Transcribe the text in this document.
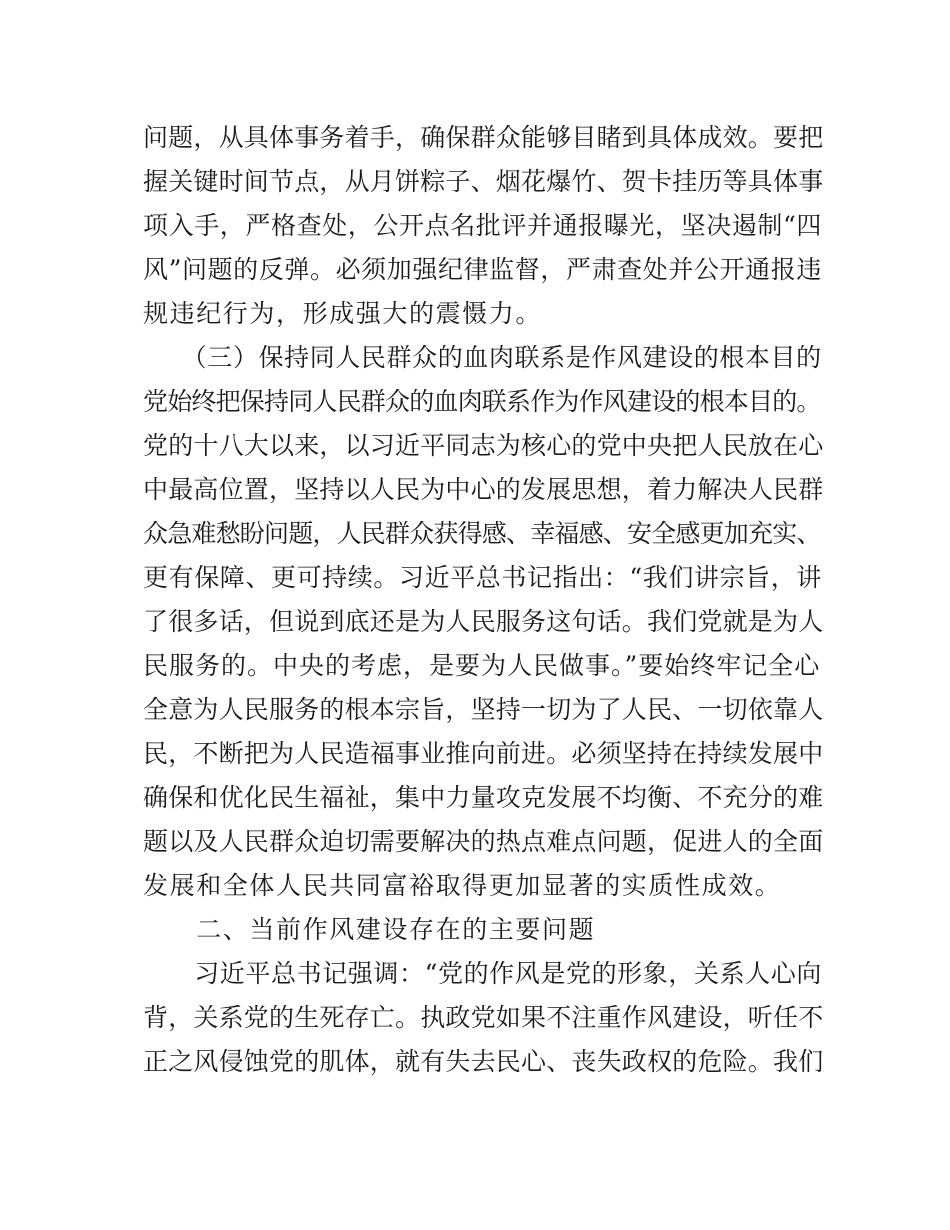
问题，从具体事务着手，确保群众能够目睹到具体成效。要把
握关键时间节点，从月饼粽子、烟花爆竹、贺卡挂历等具体事
项入手，严格查处，公开点名批评并通报曝光，坚决遏制“四
风”问题的反弹。必须加强纪律监督，严肃查处并公开通报违
规违纪行为，形成强大的震慑力。
　　（三）保持同人民群众的血肉联系是作风建设的根本目的
党始终把保持同人民群众的血肉联系作为作风建设的根本目的。
党的十八大以来，以习近平同志为核心的党中央把人民放在心
中最高位置，坚持以人民为中心的发展思想，着力解决人民群
众急难愁盼问题，人民群众获得感、幸福感、安全感更加充实、
更有保障、更可持续。习近平总书记指出：“我们讲宗旨，讲
了很多话，但说到底还是为人民服务这句话。我们党就是为人
民服务的。中央的考虑，是要为人民做事。”要始终牢记全心
全意为人民服务的根本宗旨，坚持一切为了人民、一切依靠人
民，不断把为人民造福事业推向前进。必须坚持在持续发展中
确保和优化民生福祉，集中力量攻克发展不均衡、不充分的难
题以及人民群众迫切需要解决的热点难点问题，促进人的全面
发展和全体人民共同富裕取得更加显著的实质性成效。
　　二、当前作风建设存在的主要问题
　　习近平总书记强调：“党的作风是党的形象，关系人心向
背，关系党的生死存亡。执政党如果不注重作风建设，听任不
正之风侵蚀党的肌体，就有失去民心、丧失政权的危险。我们
